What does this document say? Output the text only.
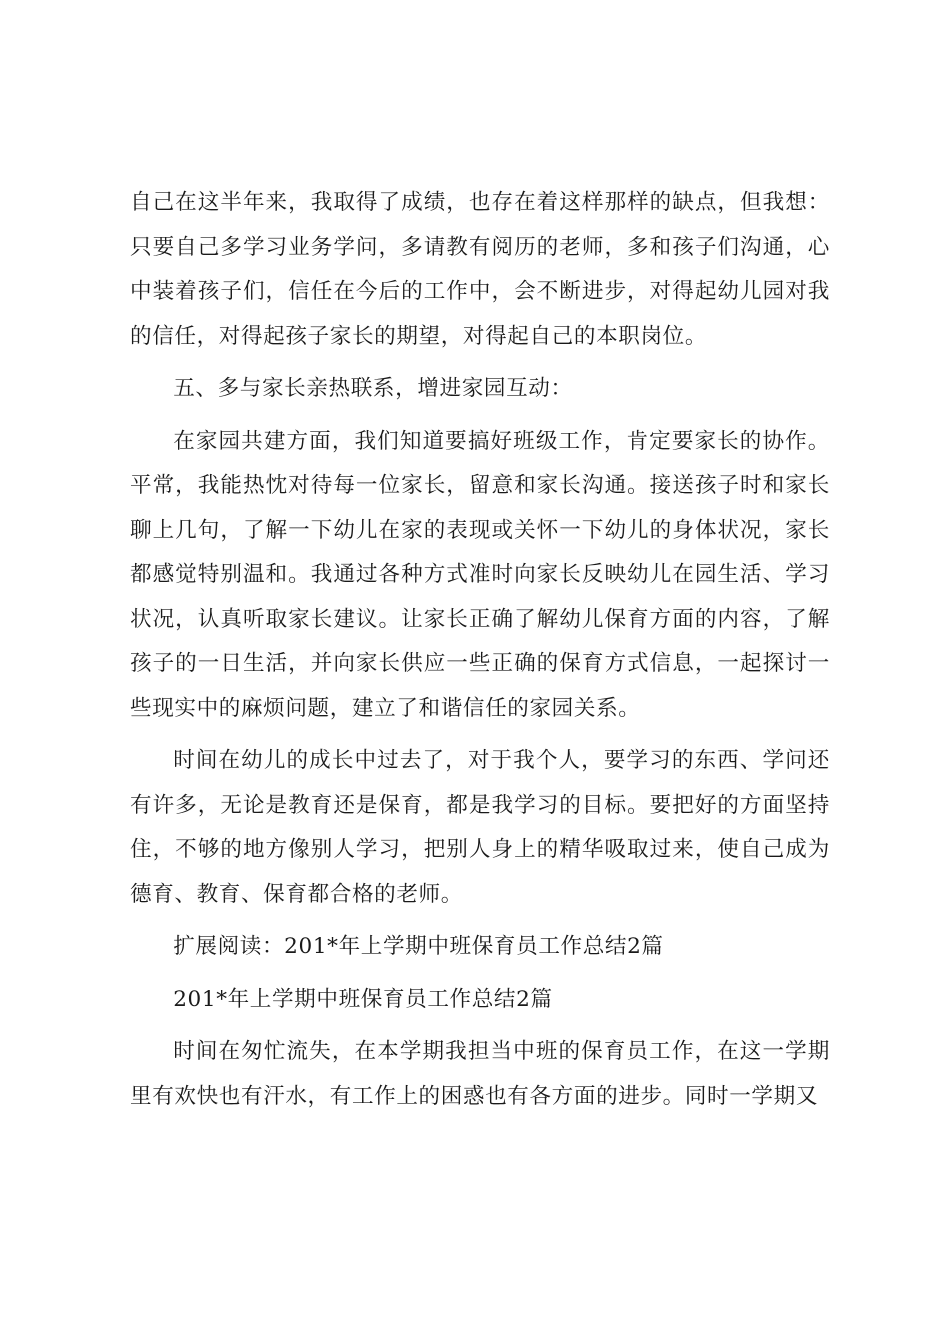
自己在这半年来，我取得了成绩，也存在着这样那样的缺点，但我想：只要自己多学习业务学问，多请教有阅历的老师，多和孩子们沟通，心中装着孩子们，信任在今后的工作中，会不断进步，对得起幼儿园对我的信任，对得起孩子家长的期望，对得起自己的本职岗位。

五、多与家长亲热联系，增进家园互动：

在家园共建方面，我们知道要搞好班级工作，肯定要家长的协作。平常，我能热忱对待每一位家长，留意和家长沟通。接送孩子时和家长聊上几句，了解一下幼儿在家的表现或关怀一下幼儿的身体状况，家长都感觉特别温和。我通过各种方式准时向家长反映幼儿在园生活、学习状况，认真听取家长建议。让家长正确了解幼儿保育方面的内容，了解孩子的一日生活，并向家长供应一些正确的保育方式信息，一起探讨一些现实中的麻烦问题，建立了和谐信任的家园关系。

时间在幼儿的成长中过去了，对于我个人，要学习的东西、学问还有许多，无论是教育还是保育，都是我学习的目标。要把好的方面坚持住，不够的地方像别人学习，把别人身上的精华吸取过来，使自己成为德育、教育、保育都合格的老师。

扩展阅读：201*年上学期中班保育员工作总结2篇

201*年上学期中班保育员工作总结2篇

时间在匆忙流失，在本学期我担当中班的保育员工作，在这一学期里有欢快也有汗水，有工作上的困惑也有各方面的进步。同时一学期又
